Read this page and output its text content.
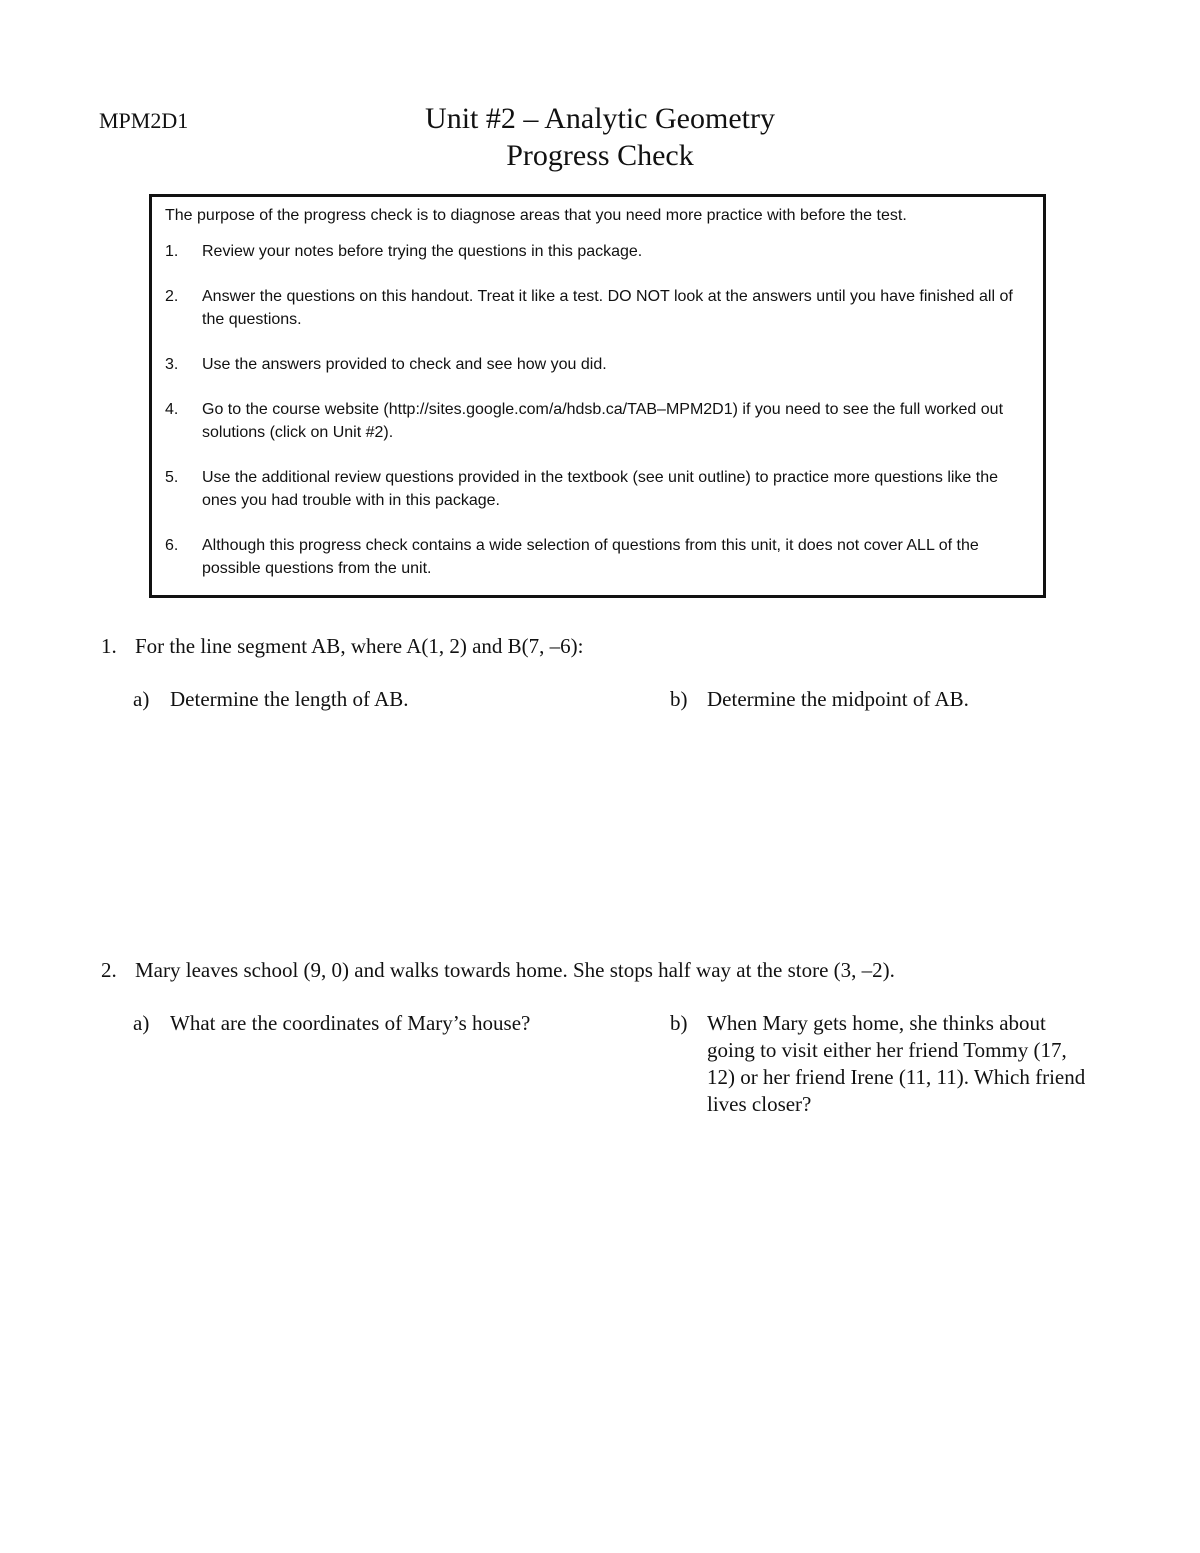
MPM2D1	Unit #2 – Analytic Geometry
Progress Check

The purpose of the progress check is to diagnose areas that you need more practice with before the test.

1.	Review your notes before trying the questions in this package.
2.	Answer the questions on this handout. Treat it like a test. DO NOT look at the answers until you have finished all of the questions.
3.	Use the answers provided to check and see how you did.
4.	Go to the course website (http://sites.google.com/a/hdsb.ca/TAB–MPM2D1) if you need to see the full worked out solutions (click on Unit #2).
5.	Use the additional review questions provided in the textbook (see unit outline) to practice more questions like the ones you had trouble with in this package.
6.	Although this progress check contains a wide selection of questions from this unit, it does not cover ALL of the possible questions from the unit.
1. For the line segment AB, where A(1, 2) and B(7, –6):
a) Determine the length of AB.	b) Determine the midpoint of AB.
2. Mary leaves school (9, 0) and walks towards home. She stops half way at the store (3, –2).
a) What are the coordinates of Mary’s house?	b) When Mary gets home, she thinks about going to visit either her friend Tommy (17, 12) or her friend Irene (11, 11). Which friend lives closer?
